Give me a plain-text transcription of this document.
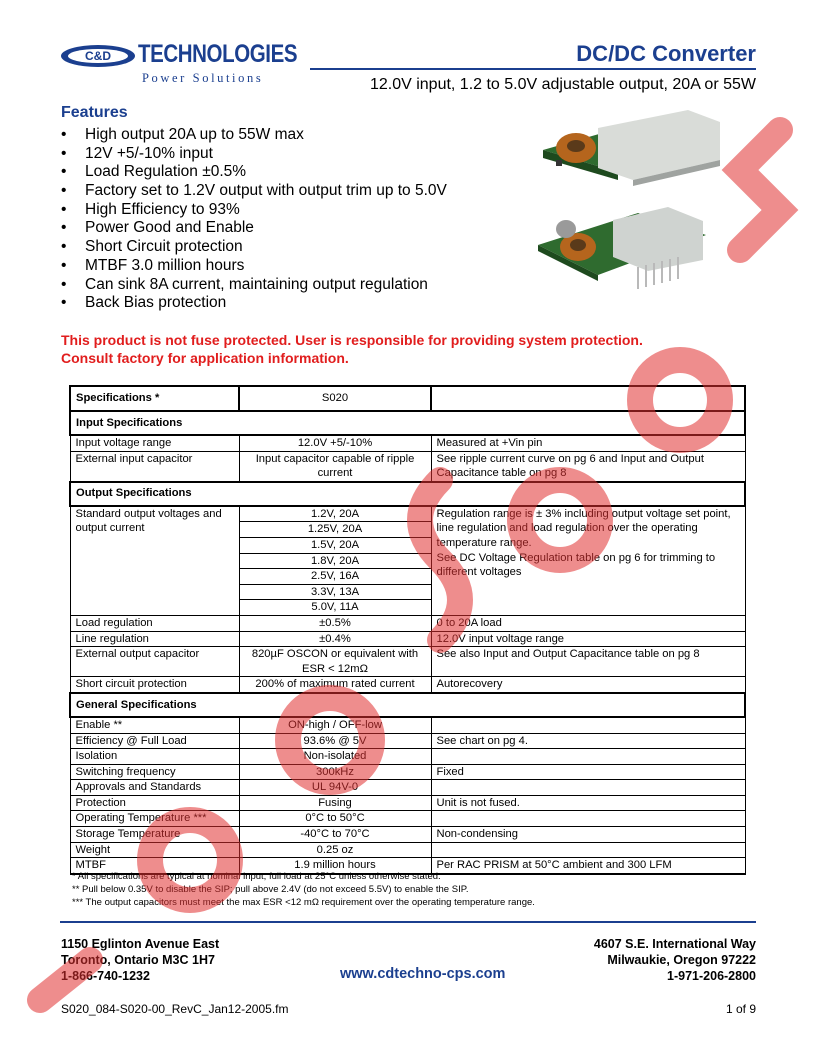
C&D TECHNOLOGIES
Power Solutions
DC/DC Converter
12.0V input, 1.2 to 5.0V adjustable output, 20A or 55W
Features
• High output 20A up to 55W max
• 12V +5/-10% input
• Load Regulation ±0.5%
• Factory set to 1.2V output with output trim up to 5.0V
• High Efficiency to 93%
• Power Good and Enable
• Short Circuit protection
• MTBF 3.0 million hours
• Can sink 8A current, maintaining output regulation
• Back Bias protection
This product is not fuse protected. User is responsible for providing system protection.
Consult factory for application information.
Specifications *	S020	
Input Specifications		
Input voltage range	12.0V +5/-10%	Measured at +Vin pin
External input capacitor	Input capacitor capable of ripple current	See ripple current curve on pg 6 and Input and Output Capacitance table on pg 8
Output Specifications		
Standard output voltages and output current	1.2V, 20A	Regulation range is ± 3% including output voltage set point, line regulation and load regulation over the operating temperature range.
See DC Voltage Regulation table on pg 6 for trimming to different voltages

	1.25V, 20A	
	1.5V, 20A	
	1.8V, 20A	
	2.5V, 16A	
	3.3V, 13A	
	5.0V, 11A	
Load regulation	±0.5%	0 to 20A load
Line regulation	±0.4%	12.0V input voltage range
External output capacitor	820µF OSCON or equivalent with ESR < 12mΩ	See also Input and Output Capacitance table on pg 8
Short circuit protection	200% of maximum rated current	Autorecovery
General Specifications		
Enable **	ON-high / OFF-low	
Efficiency @ Full Load	93.6% @ 5V	See chart on pg 4.
Isolation	Non-isolated	
Switching frequency	300kHz	Fixed
Approvals and Standards	UL 94V-0	
Protection	Fusing	Unit is not fused.
Operating Temperature ***	0°C to 50°C	
Storage Temperature	-40°C to 70°C	Non-condensing
Weight	0.25 oz	
MTBF	1.9 million hours	Per RAC PRISM at 50°C ambient and 300 LFM
* All specifications are typical at nominal input, full load at 25°C unless otherwise stated.
** Pull below 0.35V to disable the SIP; pull above 2.4V (do not exceed 5.5V) to enable the SIP.
*** The output capacitors must meet the max ESR <12 mΩ requirement over the operating temperature range.
1150 Eglinton Avenue East
Toronto, Ontario M3C 1H7
1-866-740-1232	www.cdtechno-cps.com
4607 S.E. International Way
Milwaukie, Oregon 97222
1-971-206-2800
S020_084-S020-00_RevC_Jan12-2005.fm	1 of 9
